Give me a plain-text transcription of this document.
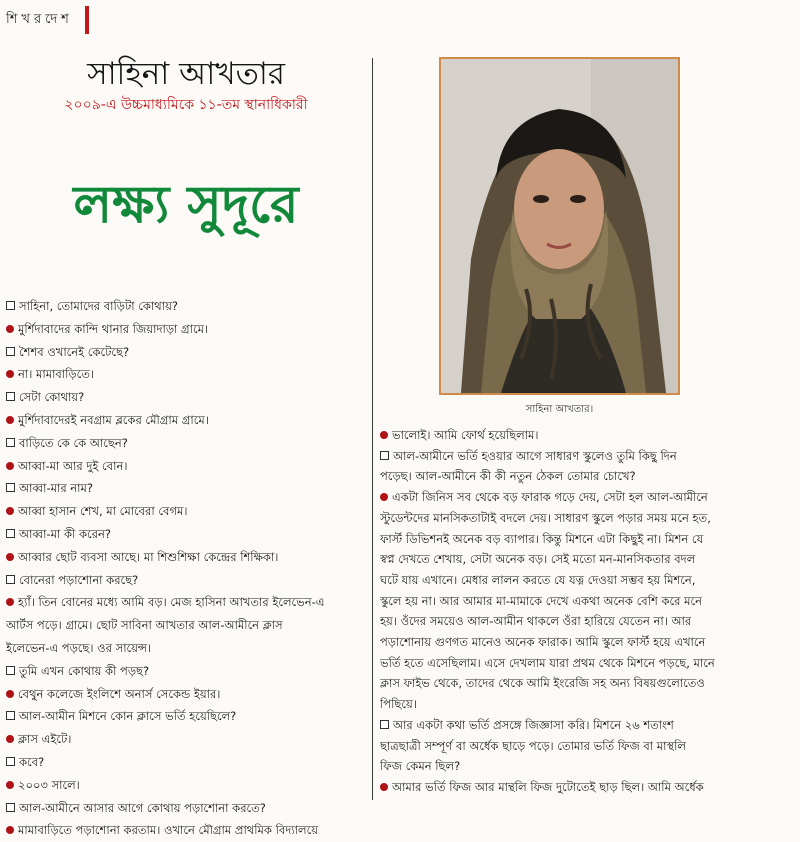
শিখরদেশ
সাহিনা আখতার
২০০৯-এ উচ্চমাধ্যমিকে ১১-তম স্থানাধিকারী
লক্ষ্য সুদূরে
সাহিনা আখতার।
সাহিনা, তোমাদের বাড়িটা কোথায়?
মুর্শিদাবাদের কান্দি থানার জিয়াদাড়া গ্রামে।
শৈশব ওখানেই কেটেছে?
না। মামাবাড়িতে।
সেটা কোথায়?
মুর্শিদাবাদেরই নবগ্রাম ব্লকের মৌগ্রাম গ্রামে।
বাড়িতে কে কে আছেন?
আব্বা-মা আর দুই বোন।
আব্বা-মার নাম?
আব্বা হাসান শেখ, মা মোবেরা বেগম।
আব্বা-মা কী করেন?
আব্বার ছোট ব্যবসা আছে। মা শিশুশিক্ষা কেন্দ্রের শিক্ষিকা।
বোনেরা পড়াশোনা করছে?
হ্যাঁ। তিন বোনের মধ্যে আমি বড়। মেজ হাসিনা আখতার ইলেভেন-এ
আর্টস পড়ে। গ্রামে। ছোট সাবিনা আখতার আল-আমীনে ক্লাস
ইলেভেন-এ পড়ছে। ওর সায়েন্স।
তুমি এখন কোথায় কী পড়ছ?
বেথুন কলেজে ইংলিশে অনার্স সেকেন্ড ইয়ার।
আল-আমীন মিশনে কোন ক্লাসে ভর্তি হয়েছিলে?
ক্লাস এইটে।
কবে?
২০০৩ সালে।
আল-আমীনে আসার আগে কোথায় পড়াশোনা করতে?
মামাবাড়িতে পড়াশোনা করতাম। ওখানে মৌগ্রাম প্রাথমিক বিদ্যালয়ে
ভালোই। আমি ফোর্থ হয়েছিলাম।
আল-আমীনে ভর্তি হওয়ার আগে সাধারণ স্কুলেও তুমি কিছু দিন
পড়েছ। আল-আমীনে কী কী নতুন ঠেকল তোমার চোখে?
একটা জিনিস সব থেকে বড় ফারাক গড়ে দেয়, সেটা হল আল-আমীনে
স্টুডেন্টদের মানসিকতাটাই বদলে দেয়। সাধারণ স্কুলে পড়ার সময় মনে হত,
ফার্স্ট ডিভিশনই অনেক বড় ব্যাপার। কিন্তু মিশনে এটা কিছুই না। মিশন যে
স্বপ্ন দেখতে শেখায়, সেটা অনেক বড়। সেই মতো মন-মানসিকতার বদল
ঘটে যায় এখানে। মেধার লালন করতে যে যত্ন দেওয়া সম্ভব হয় মিশনে,
স্কুলে হয় না। আর আমার মা-মামাকে দেখে একথা অনেক বেশি করে মনে
হয়। ওঁদের সময়েও আল-আমীন থাকলে ওঁরা হারিয়ে যেতেন না। আর
পড়াশোনায় গুণগত মানেও অনেক ফারাক। আমি স্কুলে ফার্স্ট হয়ে এখানে
ভর্তি হতে এসেছিলাম। এসে দেখলাম যারা প্রথম থেকে মিশনে পড়ছে, মানে
ক্লাস ফাইভ থেকে, তাদের থেকে আমি ইংরেজি সহ অন্য বিষয়গুলোতেও
পিছিয়ে।
আর একটা কথা ভর্তি প্রসঙ্গে জিজ্ঞাসা করি। মিশনে ২৬ শতাংশ
ছাত্রছাত্রী সম্পূর্ণ বা অর্ধেক ছাড়ে পড়ে। তোমার ভর্তি ফিজ বা মাস্থলি
ফিজ কেমন ছিল?
আমার ভর্তি ফিজ আর মান্থলি ফিজ দুটোতেই ছাড় ছিল। আমি অর্ধেক
